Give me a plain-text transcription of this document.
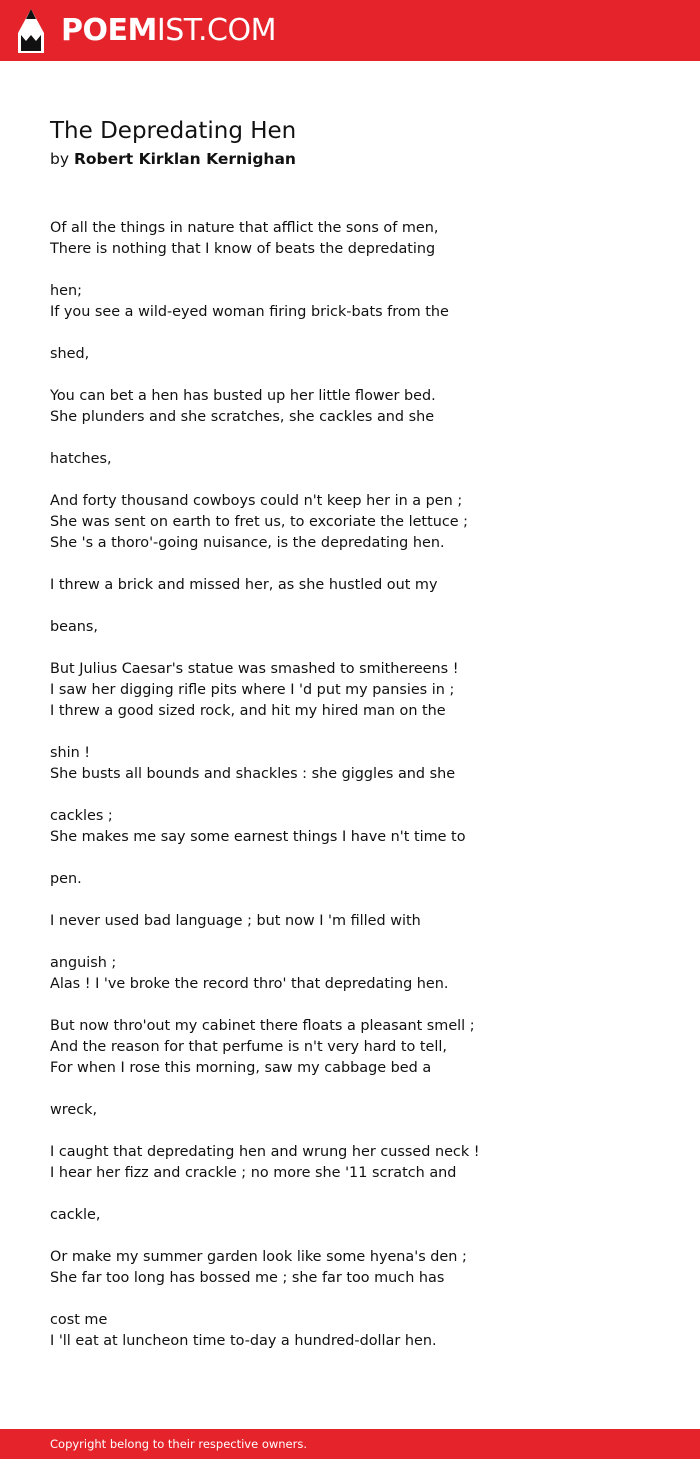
POEMIST.COM
The Depredating Hen
by Robert Kirklan Kernighan
Of all the things in nature that afflict the sons of men,
There is nothing that I know of beats the depredating
hen;
If you see a wild-eyed woman firing brick-bats from the
shed,
You can bet a hen has busted up her little flower bed.
She plunders and she scratches, she cackles and she
hatches,
And forty thousand cowboys could n't keep her in a pen ;
She was sent on earth to fret us, to excoriate the lettuce ;
She 's a thoro'-going nuisance, is the depredating hen.
I threw a brick and missed her, as she hustled out my
beans,
But Julius Caesar's statue was smashed to smithereens !
I saw her digging rifle pits where I 'd put my pansies in ;
I threw a good sized rock, and hit my hired man on the
shin !
She busts all bounds and shackles : she giggles and she
cackles ;
She makes me say some earnest things I have n't time to
pen.
I never used bad language ; but now I 'm filled with
anguish ;
Alas ! I 've broke the record thro' that depredating hen.
But now thro'out my cabinet there floats a pleasant smell ;
And the reason for that perfume is n't very hard to tell,
For when I rose this morning, saw my cabbage bed a
wreck,
I caught that depredating hen and wrung her cussed neck !
I hear her fizz and crackle ; no more she '11 scratch and
cackle,
Or make my summer garden look like some hyena's den ;
She far too long has bossed me ; she far too much has
cost me
I 'll eat at luncheon time to-day a hundred-dollar hen.
Copyright belong to their respective owners.
